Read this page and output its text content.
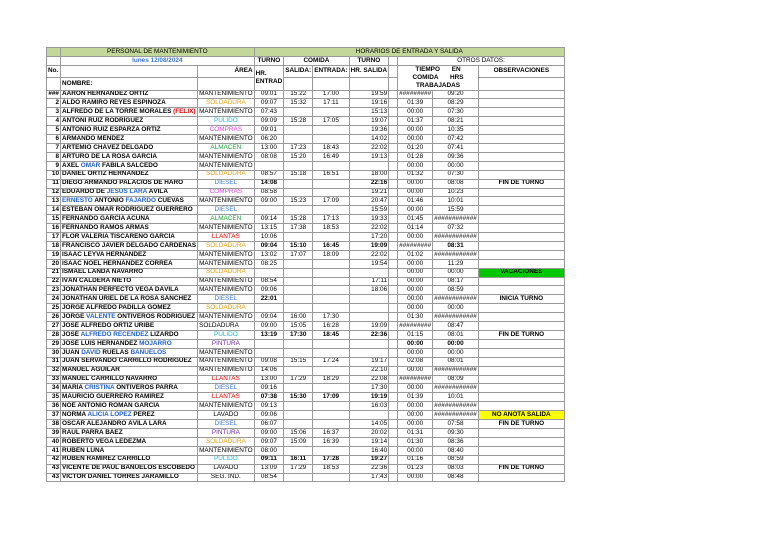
	PERSONAL DE MANTENIMIENTO		HORARIOS DE ENTRADA Y SALIDA							
	lunes 12/08/2024		TURNO	COMIDA		TURNO		OTROS DATOS:		
No.		ÁREA	HR. ENTRAD	SALIDA:	ENTRADA:	HR. SALIDA		TIEMPO EN COMIDA HRS TRABAJADAS		OBSERVACIONES
	NOMBRE:									
###	AARÓN HERNÁNDEZ ORTIZ	MANTENIMIENTO	09:01	15:22	17:00	19:59		#########	09:20	
2	ALDO RAMIRO REYES ESPINOZA	SOLDADURA	09:07	15:32	17:11	19:16		01:39	08:29	
3	ALFREDO DE LA TORRE MORALES (FELIX)	MANTENIMIENTO	07:43			15:13		00:00	07:30	
4	ANTONI RUÍZ RODRÍGUEZ	PULIDO	09:09	15:28	17:05	19:07		01:37	08:21	
5	ANTONIO RUIZ ESPARZA ORTIZ	COMPRAS	09:01			19:36		00:00	10:35	
6	ARMANDO MÉNDEZ	MANTENIMIENTO	06:20			14:02		00:00	07:42	
7	ARTEMIO CHÁVEZ DELGADO	ALMACÉN	13:00	17:23	18:43	22:02		01:20	07:41	
8	ARTURO DE LA ROSA GARCÍA	MANTENIMIENTO	08:08	15:20	16:49	19:13		01:28	09:36	
9	AXEL OMAR FABILA SALCEDO	MANTENIMIENTO						00:00	00:00	
10	DANIEL ORTIZ HERNÁNDEZ	SOLDADURA	08:57	15:18	16:51	18:00		01:32	07:30	
11	DIEGO ARMANDO PALACIOS DE HARO	DIESEL	14:08			22:16		00:00	08:08	FIN DE TURNO
12	EDUARDO DE JESUS LARA ÁVILA	COMPRAS	08:58			19:21		00:00	10:23	
13	ERNESTO ANTONIO FAJARDO CUEVAS	MANTENIMIENTO	09:00	15:23	17:09	20:47		01:46	10:01	
14	ESTEBAN OMAR RODRÍGUEZ GUERRERO	DIESEL				15:59		00:00	15:59	
15	FERNANDO GARCÍA ACUÑA	ALMACÉN	09:14	15:28	17:13	19:33		01:45	############	
16	FERNANDO RAMOS ARMAS	MANTENIMIENTO	13:15	17:38	18:53	22:02		01:14	07:32	
17	FLOR VALERIA TISCAREÑO GARCÍA	LLANTAS	10:06			17:20		00:00	############	
18	FRANCISCO JAVIER DELGADO CÁRDENAS	SOLDADURA	09:04	15:10	16:45	19:09		#########	08:31	
19	ISAAC LEYVA HERNÁNDEZ	MANTENIMIENTO	13:02	17:07	18:09	22:02		01:02	############	
20	ISAAC NOEL HERNÁNDEZ CORREA	MANTENIMIENTO	08:25			19:54		00:00	11:29	
21	ISMAEL LANDA NAVARRO	SOLDADURA						00:00	00:00	VACACIONES
22	IVÁN CALDERA NIETO	MANTENIMIENTO	08:54			17:11		00:00	08:17	
23	JONATHAN PERFECTO VEGA DÁVILA	MANTENIMIENTO	09:06			18:06		00:00	08:59	
24	JONATHAN URIEL DE LA ROSA SÁNCHEZ	DIESEL	22:01					00:00	############	INICIA TURNO
25	JORGE ALFREDO PADILLA GÓMEZ	SOLDADURA						00:00	00:00	
26	JORGE VALENTE ONTIVEROS RODRIGUEZ	MANTENIMIENTO	09:04	16:00	17:30			01:30	############	
27	JOSÉ ALFREDO ORTIZ URIBE	SOLDADURA	09:00	15:05	16:28	19:09		#########	08:47	
28	JOSÉ ALFREDO RECENDEZ LIZARDO	PULIDO	13:19	17:30	18:45	22:36		01:15	08:01	FIN DE TURNO
29	JOSÉ LUIS HERNÁNDEZ MOJARRO	PINTURA						00:00	00:00	
30	JUAN DAVID RUELAS BANUELOS	MANTENIMIENTO						00:00	00:00	
31	JUAN SERVANDO CARRILLO RODRIGUEZ	MANTENIMIENTO	09:08	15:15	17:24	19:17		02:08	08:01	
32	MANUEL AGUILAR	MANTENIMIENTO	14:06			22:10		00:00	############	
33	MANUEL CARRILLO NAVARRO	LLANTAS	13:00	17:29	18:29	22:08		#########	08:09	
34	MARÍA CRISTINA ONTIVEROS PARRA	DIESEL	09:16			17:30		00:00	############	
35	MAURICIO GUERRERO RAMÍREZ	LLANTAS	07:38	15:30	17:09	19:19		01:39	10:01	
36	NOÉ ANTONIO ROMÁN GARCÍA	MANTENIMIENTO	09:13			16:03		00:00	############	
37	NORMA ALICIA LOPEZ PEREZ	LAVADO	09:06					00:00	############	NO ANOTA SALIDA
38	ÓSCAR ALEJANDRO ÁVILA LARA	DIESEL	06:07			14:05		00:00	07:58	FIN DE TURNO
39	RAÚL PARRA BÁEZ	PINTURA	09:00	15:06	16:37	20:02		01:31	09:30	
40	ROBERTO VEGA LEDEZMA	SOLDADURA	09:07	15:09	16:39	19:14		01:30	08:36	
41	RUBÉN LUNA	MANTENIMIENTO	08:00			16:40		00:00	08:40	
42	RUBÉN RAMÍREZ CARRILLO	PULIDO	09:11	16:11	17:28	19:27		01:16	08:59	
43	VICENTE DE PAÚL BAÑUELOS ESCOBEDO	LAVADO	13:09	17:29	18:53	22:36		01:23	08:03	FIN DE TURNO
43	VÍCTOR DANIEL TORRES JARAMILLO	SEG. IND.	08:54			17:43		00:00	08:48	
